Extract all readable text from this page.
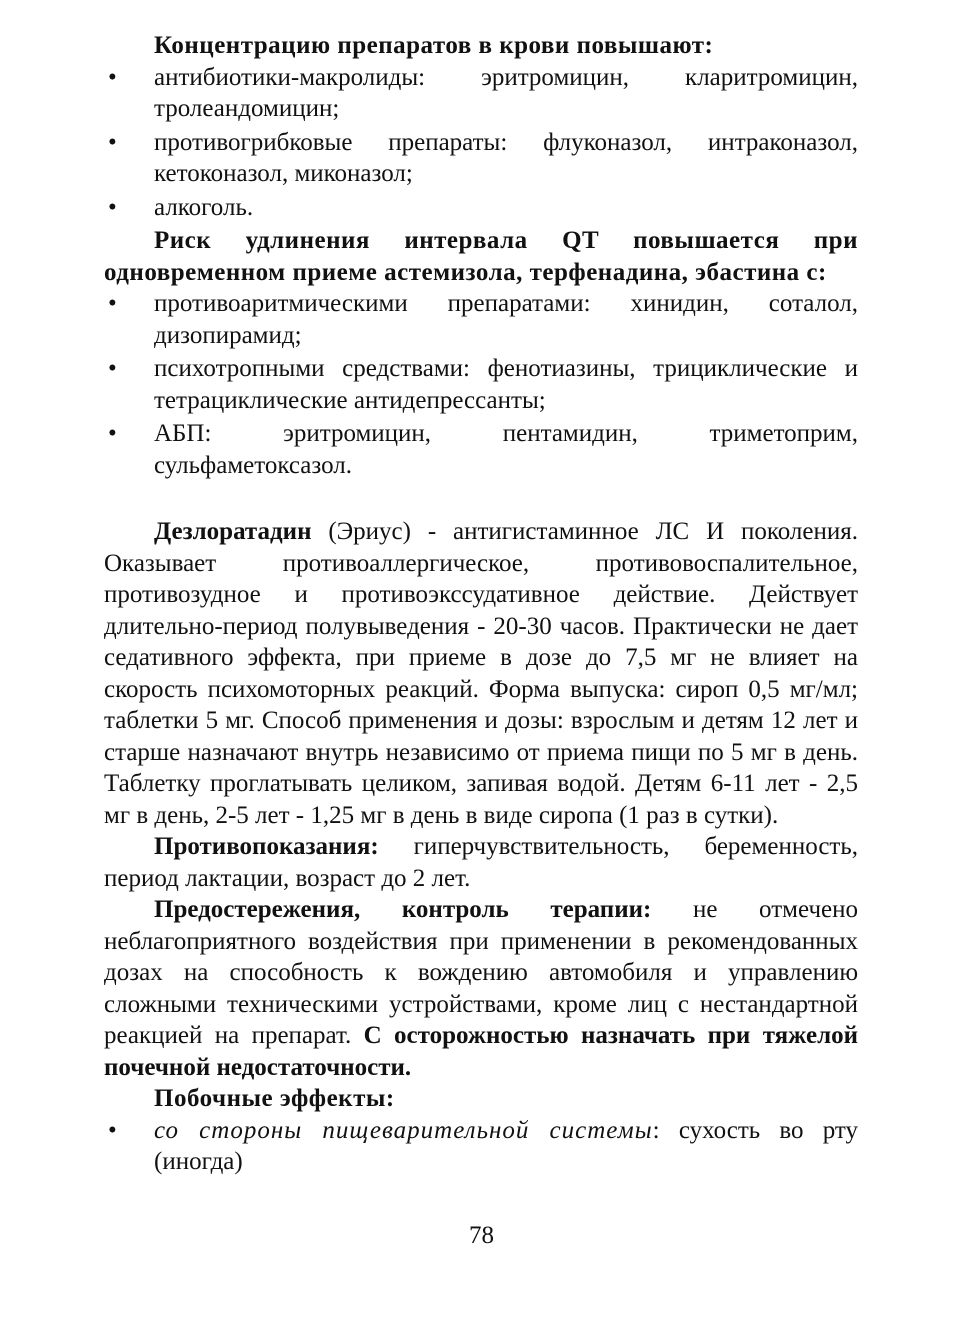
Концентрацию препаратов в крови повышают:

• антибиотики-макролиды: эритромицин, кларитромицин, тролеандомицин;
• противогрибковые препараты: флуконазол, интраконазол, кетоконазол, миконазол;
• алкоголь.

Риск удлинения интервала QT повышается при одновременном приеме астемизола, терфенадина, эбастина с:

• противоаритмическими препаратами: хинидин, соталол, дизопирамид;
• психотропными средствами: фенотиазины, трициклические и тетрациклические антидепрессанты;
• АБП: эритромицин, пентамидин, триметоприм, сульфаметоксазол.

Дезлоратадин (Эриус) - антигистаминное ЛС И поколения. Оказывает противоаллергическое, противовоспалительное, противозудное и противоэкссудативное действие. Действует длительно-период полувыведения - 20-30 часов. Практически не дает седативного эффекта, при приеме в дозе до 7,5 мг не влияет на скорость психомоторных реакций. Форма выпуска: сироп 0,5 мг/мл; таблетки 5 мг. Способ применения и дозы: взрослым и детям 12 лет и старше назначают внутрь независимо от приема пищи по 5 мг в день. Таблетку проглатывать целиком, запивая водой. Детям 6-11 лет - 2,5 мг в день, 2-5 лет - 1,25 мг в день в виде сиропа (1 раз в сутки).

Противопоказания: гиперчувствительность, беременность, период лактации, возраст до 2 лет.

Предостережения, контроль терапии: не отмечено неблагоприятного воздействия при применении в рекомендованных дозах на способность к вождению автомобиля и управлению сложными техническими устройствами, кроме лиц с нестандартной реакцией на препарат. С осторожностью назначать при тяжелой почечной недостаточности.

Побочные эффекты:

• со стороны пищеварительной системы: сухость во рту (иногда)
78
